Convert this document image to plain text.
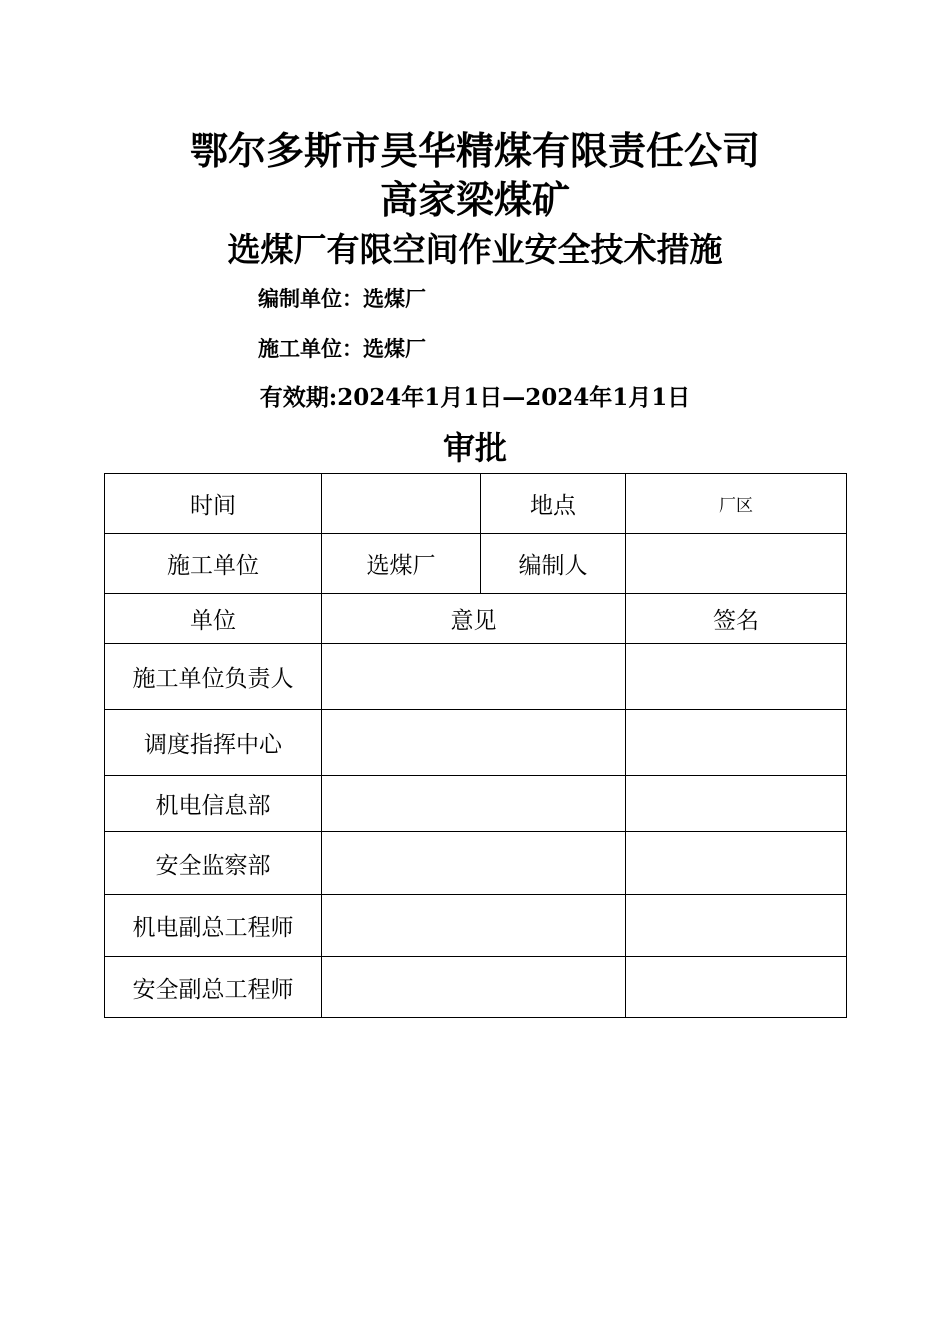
鄂尔多斯市昊华精煤有限责任公司
高家梁煤矿
选煤厂有限空间作业安全技术措施
编制单位：选煤厂
施工单位：选煤厂
有效期:2024年1月1日—2024年1月1日
审批
时间		地点	厂区
施工单位	选煤厂	编制人	
单位	意见		签名
施工单位负责人			
调度指挥中心			
机电信息部			
安全监察部			
机电副总工程师			
安全副总工程师			
